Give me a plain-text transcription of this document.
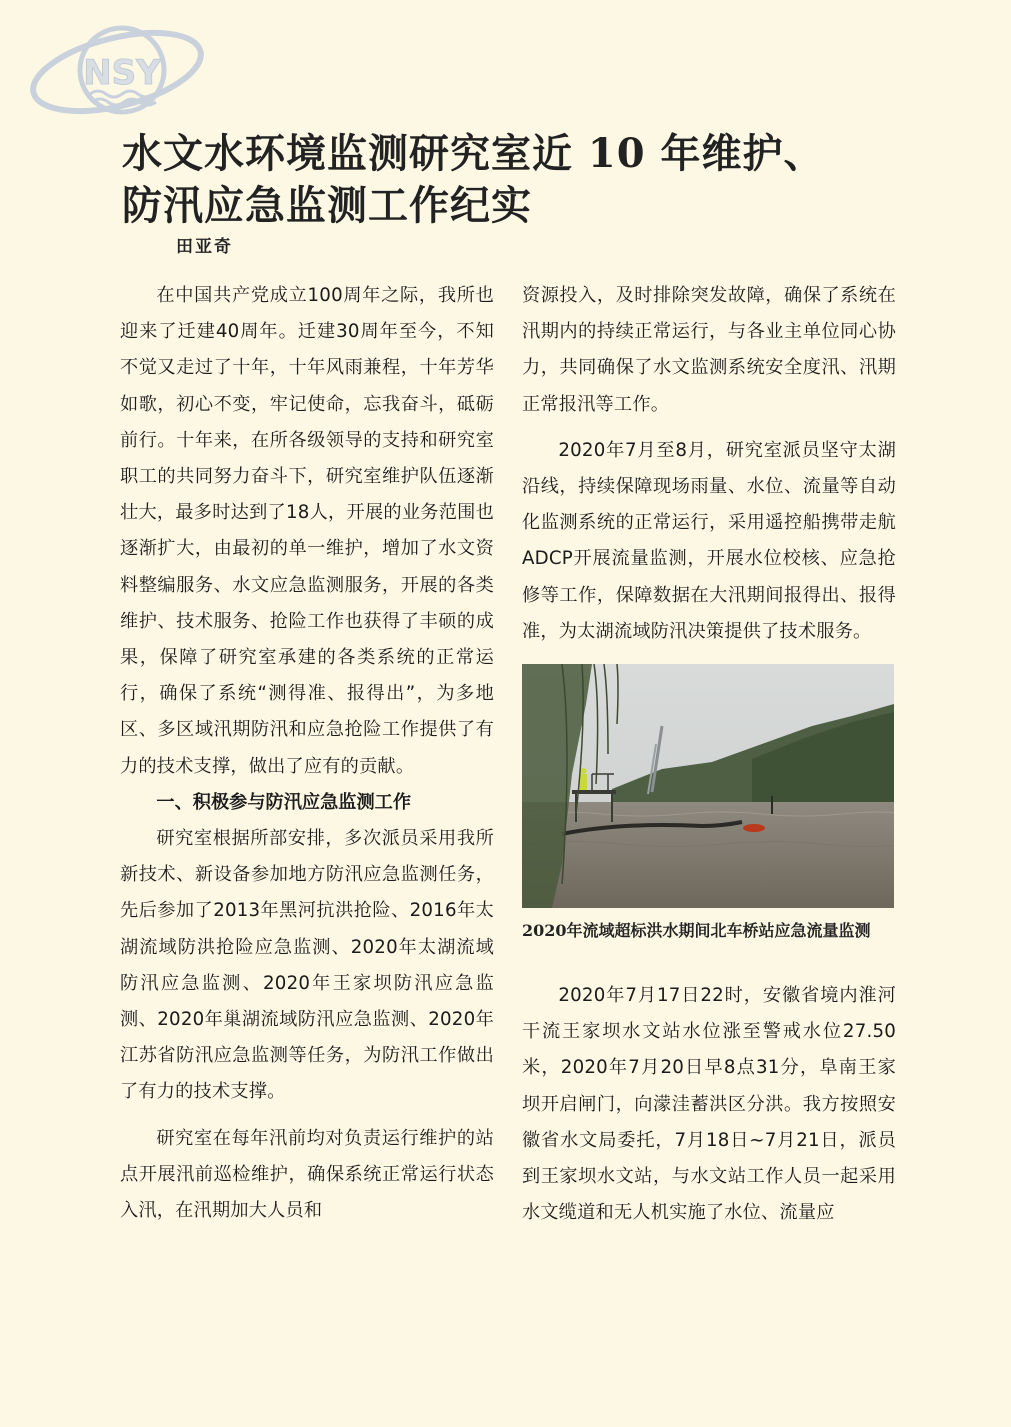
NSY
水文水环境监测研究室近 10 年维护、
防汛应急监测工作纪实
田亚奇

在中国共产党成立100周年之际，我所也迎来了迁建40周年。迁建30周年至今，不知不觉又走过了十年，十年风雨兼程，十年芳华如歌，初心不变，牢记使命，忘我奋斗，砥砺前行。十年来，在所各级领导的支持和研究室职工的共同努力奋斗下，研究室维护队伍逐渐壮大，最多时达到了18人，开展的业务范围也逐渐扩大，由最初的单一维护，增加了水文资料整编服务、水文应急监测服务，开展的各类维护、技术服务、抢险工作也获得了丰硕的成果，保障了研究室承建的各类系统的正常运行，确保了系统“测得准、报得出”，为多地区、多区域汛期防汛和应急抢险工作提供了有力的技术支撑，做出了应有的贡献。

一、积极参与防汛应急监测工作

研究室根据所部安排，多次派员采用我所新技术、新设备参加地方防汛应急监测任务，先后参加了2013年黑河抗洪抢险、2016年太湖流域防洪抢险应急监测、2020年太湖流域防汛应急监测、2020年王家坝防汛应急监测、2020年巢湖流域防汛应急监测、2020年江苏省防汛应急监测等任务，为防汛工作做出了有力的技术支撑。

研究室在每年汛前均对负责运行维护的站点开展汛前巡检维护，确保系统正常运行状态入汛，在汛期加大人员和

资源投入，及时排除突发故障，确保了系统在汛期内的持续正常运行，与各业主单位同心协力，共同确保了水文监测系统安全度汛、汛期正常报汛等工作。

2020年7月至8月，研究室派员坚守太湖沿线，持续保障现场雨量、水位、流量等自动化监测系统的正常运行，采用遥控船携带走航ADCP开展流量监测，开展水位校核、应急抢修等工作，保障数据在大汛期间报得出、报得准，为太湖流域防汛决策提供了技术服务。

2020年流域超标洪水期间北车桥站应急流量监测

2020年7月17日22时，安徽省境内淮河干流王家坝水文站水位涨至警戒水位27.50米，2020年7月20日早8点31分，阜南王家坝开启闸门，向濛洼蓄洪区分洪。我方按照安徽省水文局委托，7月18日~7月21日，派员到王家坝水文站，与水文站工作人员一起采用水文缆道和无人机实施了水位、流量应
